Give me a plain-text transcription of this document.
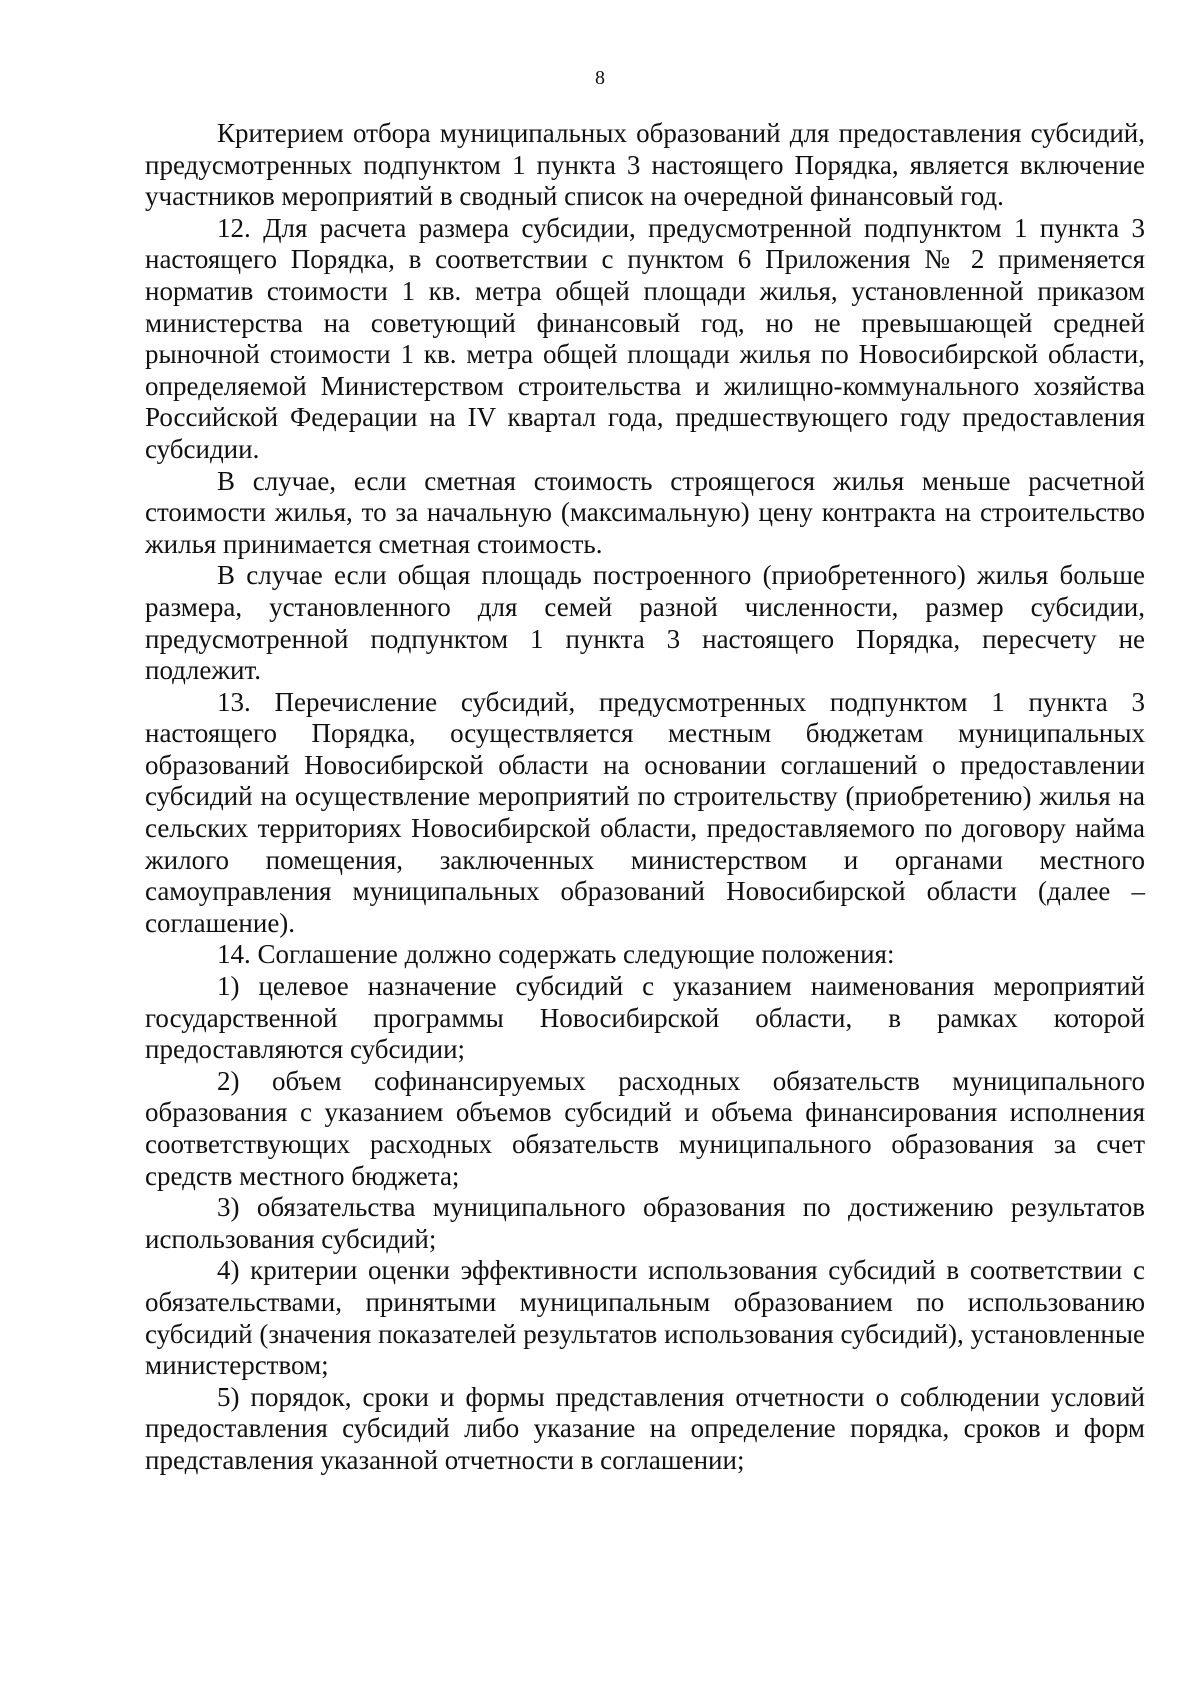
8

Критерием отбора муниципальных образований для предоставления субсидий, предусмотренных подпунктом 1 пункта 3 настоящего Порядка, является включение участников мероприятий в сводный список на очередной финансовый год.

12. Для расчета размера субсидии, предусмотренной подпунктом 1 пункта 3 настоящего Порядка, в соответствии с пунктом 6 Приложения № 2 применяется норматив стоимости 1 кв. метра общей площади жилья, установленной приказом министерства на советующий финансовый год, но не превышающей средней рыночной стоимости 1 кв. метра общей площади жилья по Новосибирской области, определяемой Министерством строительства и жилищно-коммунального хозяйства Российской Федерации на IV квартал года, предшествующего году предоставления субсидии.

В случае, если сметная стоимость строящегося жилья меньше расчетной стоимости жилья, то за начальную (максимальную) цену контракта на строительство жилья принимается сметная стоимость.

В случае если общая площадь построенного (приобретенного) жилья больше размера, установленного для семей разной численности, размер субсидии, предусмотренной подпунктом 1 пункта 3 настоящего Порядка, пересчету не подлежит.

13. Перечисление субсидий, предусмотренных подпунктом 1 пункта 3 настоящего Порядка, осуществляется местным бюджетам муниципальных образований Новосибирской области на основании соглашений о предоставлении субсидий на осуществление мероприятий по строительству (приобретению) жилья на сельских территориях Новосибирской области, предоставляемого по договору найма жилого помещения, заключенных министерством и органами местного самоуправления муниципальных образований Новосибирской области (далее – соглашение).

14. Соглашение должно содержать следующие положения:

1) целевое назначение субсидий с указанием наименования мероприятий государственной программы Новосибирской области, в рамках которой предоставляются субсидии;

2) объем софинансируемых расходных обязательств муниципального образования с указанием объемов субсидий и объема финансирования исполнения соответствующих расходных обязательств муниципального образования за счет средств местного бюджета;

3) обязательства муниципального образования по достижению результатов использования субсидий;

4) критерии оценки эффективности использования субсидий в соответствии с обязательствами, принятыми муниципальным образованием по использованию субсидий (значения показателей результатов использования субсидий), установленные министерством;

5) порядок, сроки и формы представления отчетности о соблюдении условий предоставления субсидий либо указание на определение порядка, сроков и форм представления указанной отчетности в соглашении;
